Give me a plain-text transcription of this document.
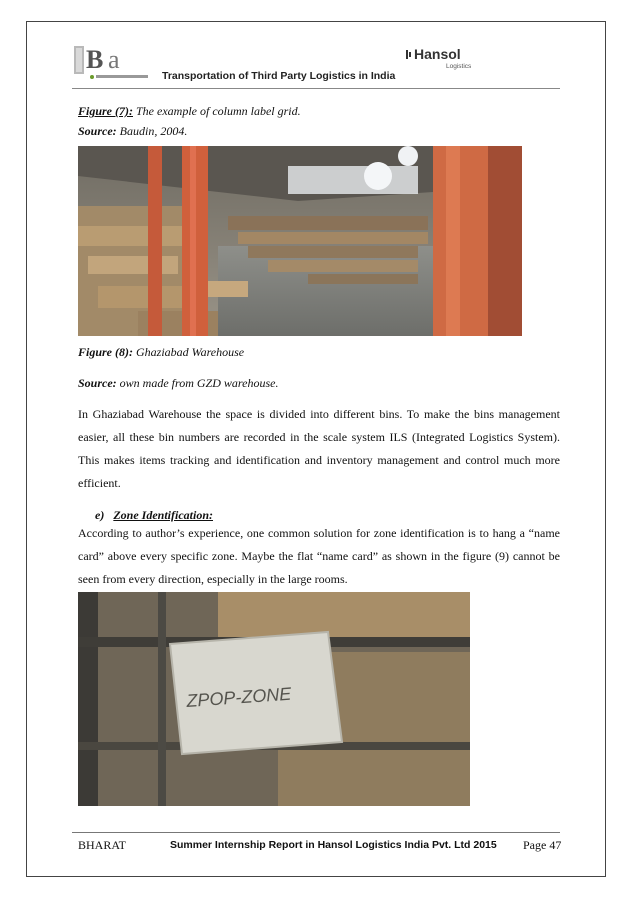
B a
Transportation of Third Party Logistics in India
Hansol
Logistics
Figure (7): The example of column label grid.
Source: Baudin, 2004.
Figure (8): Ghaziabad Warehouse
Source: own made from GZD warehouse.
In Ghaziabad Warehouse the space is divided into different bins. To make the bins management easier, all these bin numbers are recorded in the scale system ILS (Integrated Logistics System). This makes items tracking and identification and inventory management and control much more efficient.
e) Zone Identification:
According to author’s experience, one common solution for zone identification is to hang a “name card” above every specific zone. Maybe the flat “name card” as shown in the figure (9) cannot be seen from every direction, especially in the large rooms.
ZPOP-ZONE
BHARAT	Summer Internship Report in Hansol Logistics India Pvt. Ltd 2015 Page 47
